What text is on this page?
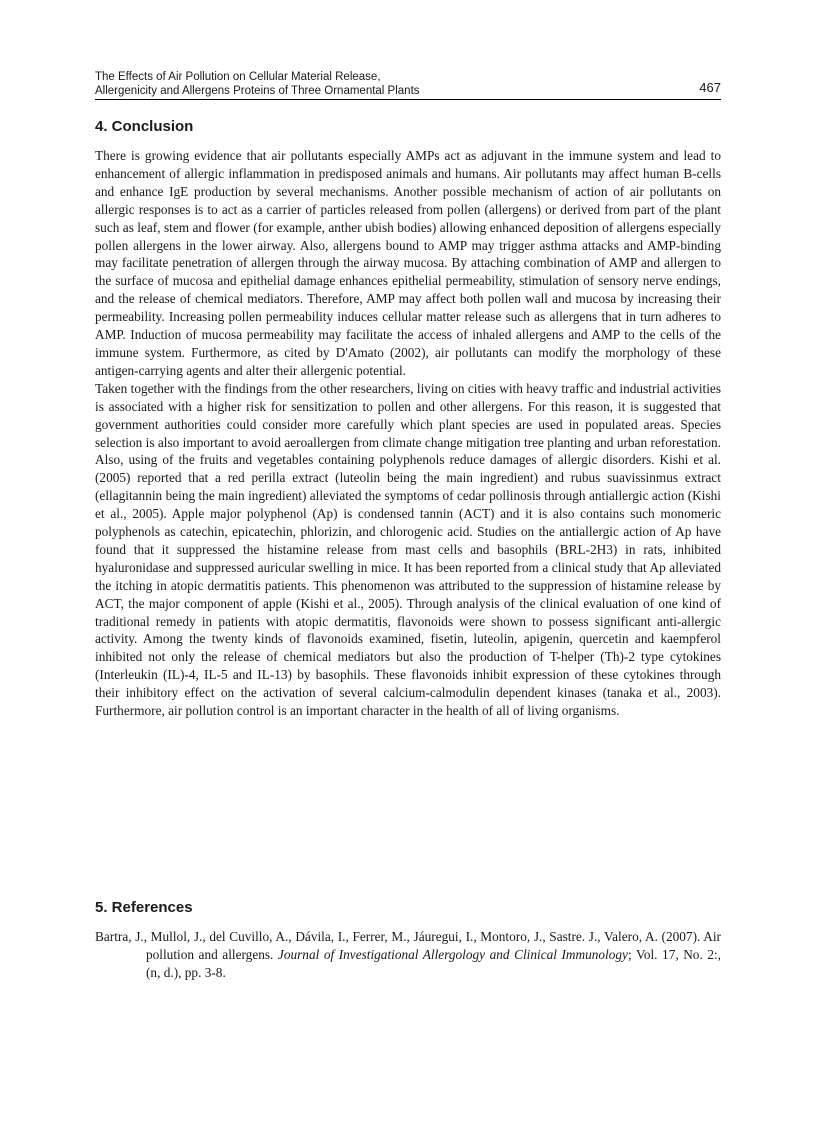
The Effects of Air Pollution on Cellular Material Release,
Allergenicity and Allergens Proteins of Three Ornamental Plants	467
4. Conclusion

There is growing evidence that air pollutants especially AMPs act as adjuvant in the immune system and lead to enhancement of allergic inflammation in predisposed animals and humans. Air pollutants may affect human B-cells and enhance IgE production by several mechanisms. Another possible mechanism of action of air pollutants on allergic responses is to act as a carrier of particles released from pollen (allergens) or derived from part of the plant such as leaf, stem and flower (for example, anther ubish bodies) allowing enhanced deposition of allergens especially pollen allergens in the lower airway. Also, allergens bound to AMP may trigger asthma attacks and AMP-binding may facilitate penetration of allergen through the airway mucosa. By attaching combination of AMP and allergen to the surface of mucosa and epithelial damage enhances epithelial permeability, stimulation of sensory nerve endings, and the release of chemical mediators. Therefore, AMP may affect both pollen wall and mucosa by increasing their permeability. Increasing pollen permeability induces cellular matter release such as allergens that in turn adheres to AMP. Induction of mucosa permeability may facilitate the access of inhaled allergens and AMP to the cells of the immune system. Furthermore, as cited by D'Amato (2002), air pollutants can modify the morphology of these antigen-carrying agents and alter their allergenic potential.

Taken together with the findings from the other researchers, living on cities with heavy traffic and industrial activities is associated with a higher risk for sensitization to pollen and other allergens. For this reason, it is suggested that government authorities could consider more carefully which plant species are used in populated areas. Species selection is also important to avoid aeroallergen from climate change mitigation tree planting and urban reforestation. Also, using of the fruits and vegetables containing polyphenols reduce damages of allergic disorders. Kishi et al. (2005) reported that a red perilla extract (luteolin being the main ingredient) and rubus suavissinmus extract (ellagitannin being the main ingredient) alleviated the symptoms of cedar pollinosis through antiallergic action (Kishi et al., 2005). Apple major polyphenol (Ap) is condensed tannin (ACT) and it is also contains such monomeric polyphenols as catechin, epicatechin, phlorizin, and chlorogenic acid. Studies on the antiallergic action of Ap have found that it suppressed the histamine release from mast cells and basophils (BRL-2H3) in rats, inhibited hyaluronidase and suppressed auricular swelling in mice. It has been reported from a clinical study that Ap alleviated the itching in atopic dermatitis patients. This phenomenon was attributed to the suppression of histamine release by ACT, the major component of apple (Kishi et al., 2005). Through analysis of the clinical evaluation of one kind of traditional remedy in patients with atopic dermatitis, flavonoids were shown to possess significant anti-allergic activity. Among the twenty kinds of flavonoids examined, fisetin, luteolin, apigenin, quercetin and kaempferol inhibited not only the release of chemical mediators but also the production of T-helper (Th)-2 type cytokines (Interleukin (IL)-4, IL-5 and IL-13) by basophils. These flavonoids inhibit expression of these cytokines through their inhibitory effect on the activation of several calcium-calmodulin dependent kinases (tanaka et al., 2003). Furthermore, air pollution control is an important character in the health of all of living organisms.

5. References

Bartra, J., Mullol, J., del Cuvillo, A., Dávila, I., Ferrer, M., Jáuregui, I., Montoro, J., Sastre. J., Valero, A. (2007). Air pollution and allergens. Journal of Investigational Allergology and Clinical Immunology; Vol. 17, No. 2:, (n, d.), pp. 3-8.
